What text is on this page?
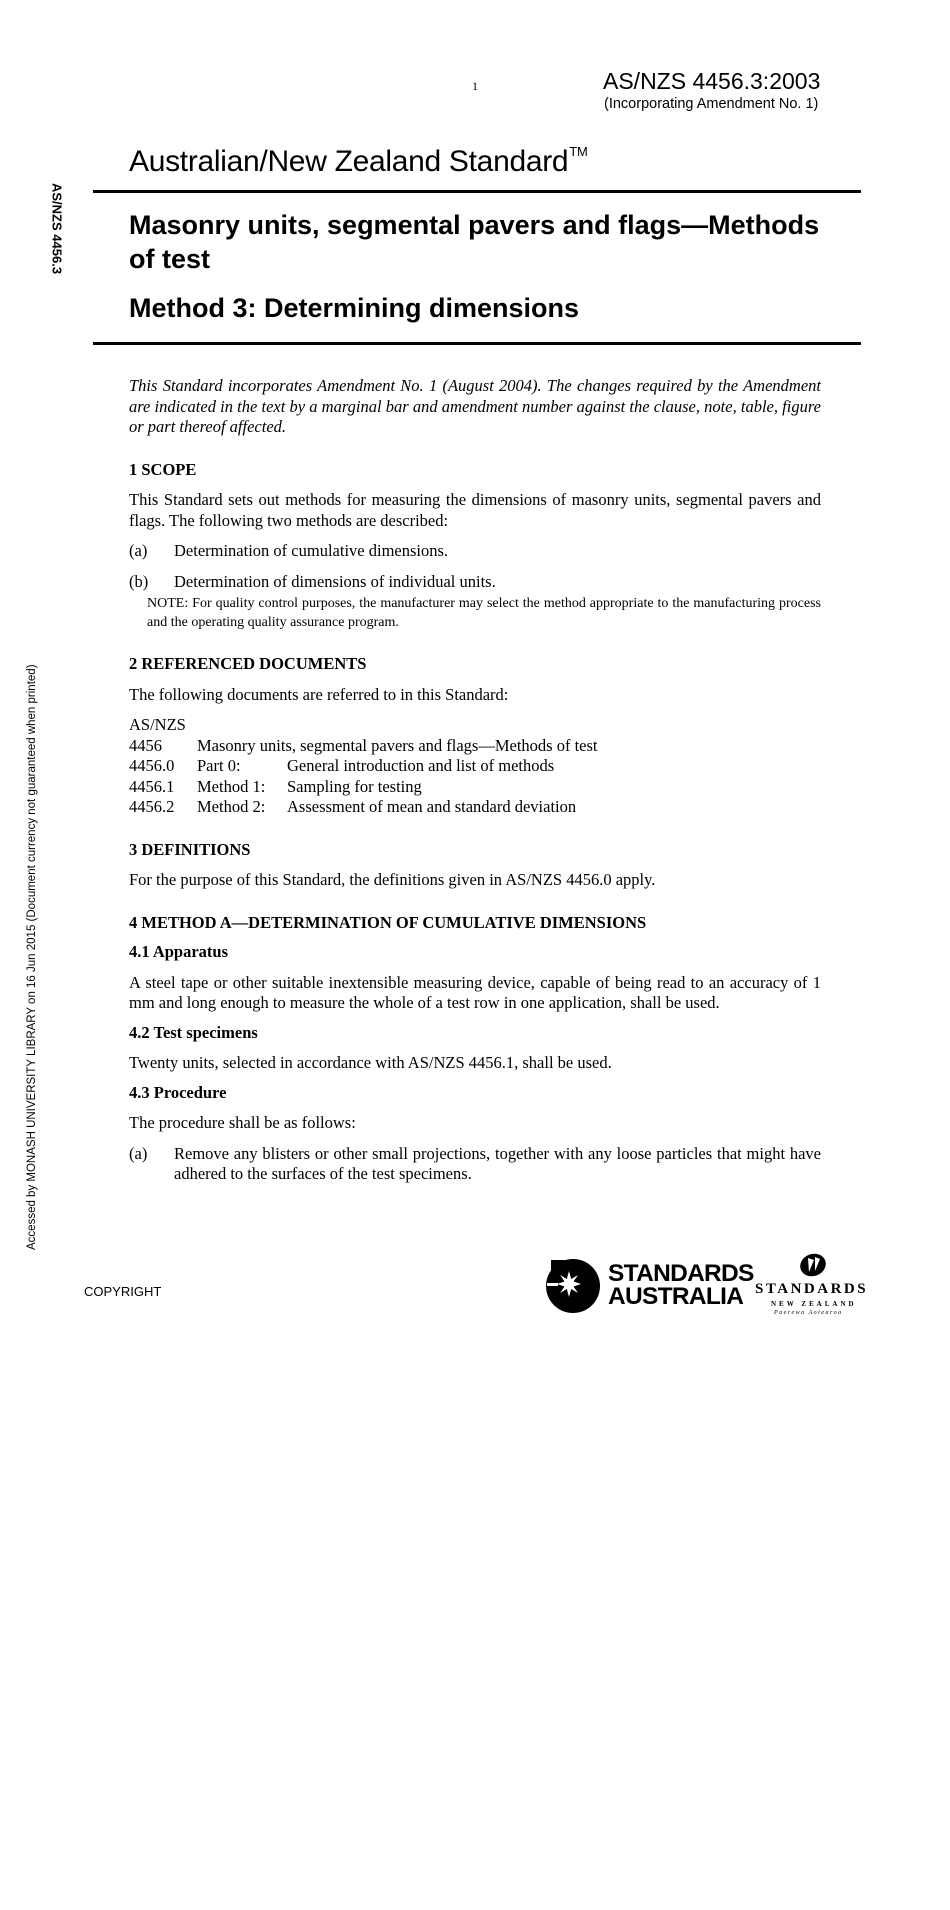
1	AS/NZS 4456.3:2003
(Incorporating Amendment No. 1)
AS/NZS 4456.3
Accessed by MONASH UNIVERSITY LIBRARY on 16 Jun 2015 (Document currency not guaranteed when printed)
Australian/New Zealand Standard™
Masonry units, segmental pavers and flags—Methods of test
Method 3: Determining dimensions

This Standard incorporates Amendment No. 1 (August 2004). The changes required by the Amendment are indicated in the text by a marginal bar and amendment number against the clause, note, table, figure or part thereof affected.

1 SCOPE

This Standard sets out methods for measuring the dimensions of masonry units, segmental pavers and flags. The following two methods are described:

(a)	Determination of cumulative dimensions.
(b)	Determination of dimensions of individual units.

NOTE: For quality control purposes, the manufacturer may select the method appropriate to the manufacturing process and the operating quality assurance program.

2 REFERENCED DOCUMENTS

The following documents are referred to in this Standard:

AS/NZS
4456	Masonry units, segmental pavers and flags—Methods of test
4456.0	Part 0:	General introduction and list of methods
4456.1	Method 1:	Sampling for testing
4456.2	Method 2:	Assessment of mean and standard deviation

3 DEFINITIONS

For the purpose of this Standard, the definitions given in AS/NZS 4456.0 apply.

4 METHOD A—DETERMINATION OF CUMULATIVE DIMENSIONS

4.1 Apparatus

A steel tape or other suitable inextensible measuring device, capable of being read to an accuracy of 1 mm and long enough to measure the whole of a test row in one application, shall be used.

4.2 Test specimens

Twenty units, selected in accordance with AS/NZS 4456.1, shall be used.

4.3 Procedure

The procedure shall be as follows:

(a)	Remove any blisters or other small projections, together with any loose particles that might have adhered to the surfaces of the test specimens.
COPYRIGHT
STANDARDS
AUSTRALIA STANDARDS
NEW ZEALAND
Paerewa Aotearoa
